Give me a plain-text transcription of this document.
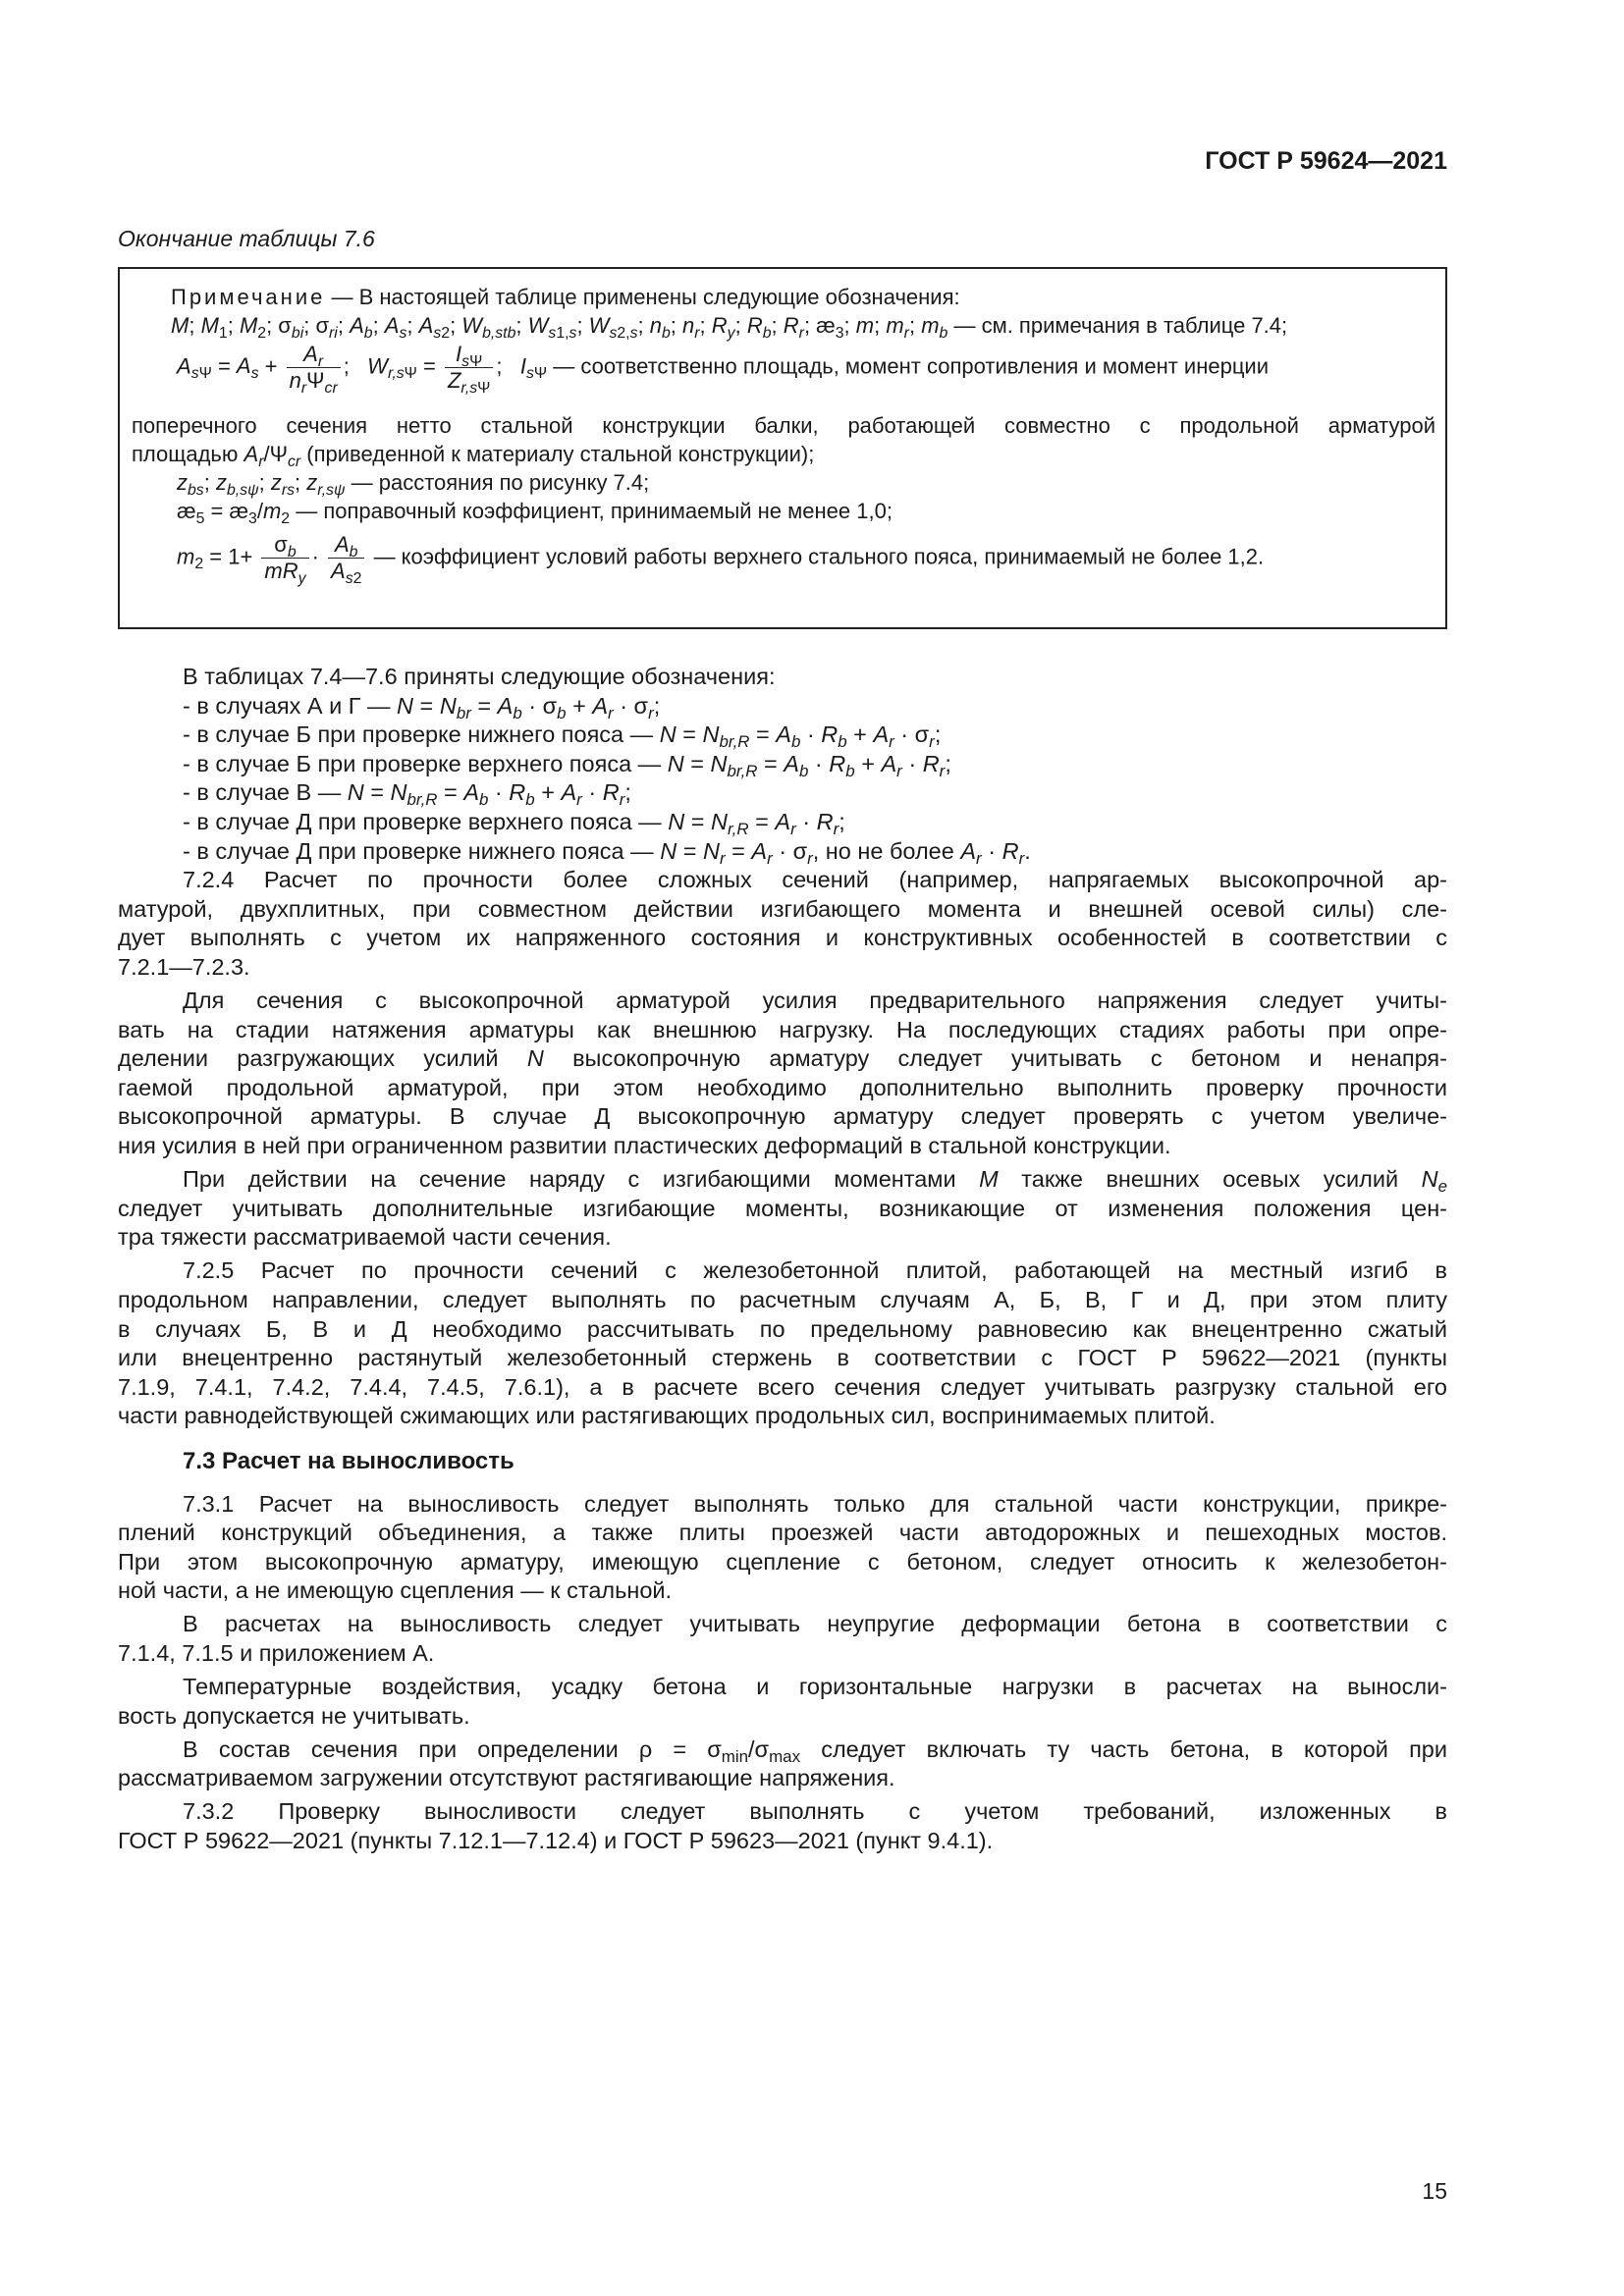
ГОСТ Р 59624—2021
Окончание таблицы 7.6
Примечание — В настоящей таблице применены следующие обозначения:
M; $M_1$; $M_2$; $\sigma_{bi}$; $\sigma_{ri}$; $A_b$; $A_s$; $A_{s2}$; $W_{b,stb}$; $W_{s1,s}$; $W_{s2,s}$; $n_b$; $n_r$; $R_y$; $R_b$; $R_r$; $æ_3$; m; $m_r$; $m_b$ — см. примечания в таблице 7.4;
$A_{s\Psi} = A_s + \frac{A_r}{n_r\Psi_{cr}}$ ;   $W_{r,s\Psi} = \frac{I_{s\Psi}}{Z_{r,s\Psi}}$ ;   $I_{s\Psi}$ — соответственно площадь, момент сопротивления и момент инерции
поперечного сечения нетто стальной конструкции балки, работающей совместно с продольной арматурой
площадью $A_r/\Psi_{cr}$ (приведенной к материалу стальной конструкции);
$z_{bs}$; $z_{b,s\psi}$; $z_{rs}$; $z_{r,s\psi}$ — расстояния по рисунку 7.4;
$æ_5$ = $æ_3/m_2$ — поправочный коэффициент, принимаемый не менее 1,0;
$m_2 = 1+ \frac{\sigma_b}{mR_y} \cdot \frac{A_b}{A_{s2}}$ — коэффициент условий работы верхнего стального пояса, принимаемый не более 1,2.

В таблицах 7.4—7.6 приняты следующие обозначения:

- в случаях А и Г — $N = N_{br} = A_b \cdot \sigma_b + A_r \cdot \sigma_r$;

- в случае Б при проверке нижнего пояса — $N = N_{br,R} = A_b \cdot R_b + A_r \cdot \sigma_r$;

- в случае Б при проверке верхнего пояса — $N = N_{br,R} = A_b \cdot R_b + A_r \cdot R_r$;

- в случае В — $N = N_{br,R} = A_b \cdot R_b + A_r \cdot R_r$;

- в случае Д при проверке верхнего пояса — $N = N_{r,R} = A_r \cdot R_r$;

- в случае Д при проверке нижнего пояса — $N = N_r = A_r \cdot \sigma_r$, но не более $A_r \cdot R_r$.

7.2.4 Расчет по прочности более сложных сечений (например, напрягаемых высокопрочной ар-

матурой, двухплитных, при совместном действии изгибающего момента и внешней осевой силы) сле-

дует выполнять с учетом их напряженного состояния и конструктивных особенностей в соответствии с

7.2.1—7.2.3.

Для сечения с высокопрочной арматурой усилия предварительного напряжения следует учиты-

вать на стадии натяжения арматуры как внешнюю нагрузку. На последующих стадиях работы при опре-

делении разгружающих усилий N высокопрочную арматуру следует учитывать с бетоном и ненапря-

гаемой продольной арматурой, при этом необходимо дополнительно выполнить проверку прочности

высокопрочной арматуры. В случае Д высокопрочную арматуру следует проверять с учетом увеличе-

ния усилия в ней при ограниченном развитии пластических деформаций в стальной конструкции.

При действии на сечение наряду с изгибающими моментами M также внешних осевых усилий $N_e$

следует учитывать дополнительные изгибающие моменты, возникающие от изменения положения цен-

тра тяжести рассматриваемой части сечения.

7.2.5 Расчет по прочности сечений с железобетонной плитой, работающей на местный изгиб в

продольном направлении, следует выполнять по расчетным случаям А, Б, В, Г и Д, при этом плиту

в случаях Б, В и Д необходимо рассчитывать по предельному равновесию как внецентренно сжатый

или внецентренно растянутый железобетонный стержень в соответствии с ГОСТ Р 59622—2021 (пункты

7.1.9, 7.4.1, 7.4.2, 7.4.4, 7.4.5, 7.6.1), а в расчете всего сечения следует учитывать разгрузку стальной его

части равнодействующей сжимающих или растягивающих продольных сил, воспринимаемых плитой.

7.3 Расчет на выносливость

7.3.1 Расчет на выносливость следует выполнять только для стальной части конструкции, прикре-

плений конструкций объединения, а также плиты проезжей части автодорожных и пешеходных мостов.

При этом высокопрочную арматуру, имеющую сцепление с бетоном, следует относить к железобетон-

ной части, а не имеющую сцепления — к стальной.

В расчетах на выносливость следует учитывать неупругие деформации бетона в соответствии с

7.1.4, 7.1.5 и приложением А.

Температурные воздействия, усадку бетона и горизонтальные нагрузки в расчетах на выносли-

вость допускается не учитывать.

В состав сечения при определении $\rho = \sigma_{min}/\sigma_{max}$ следует включать ту часть бетона, в которой при

рассматриваемом загружении отсутствуют растягивающие напряжения.

7.3.2 Проверку выносливости следует выполнять с учетом требований, изложенных в

ГОСТ Р 59622—2021 (пункты 7.12.1—7.12.4) и ГОСТ Р 59623—2021 (пункт 9.4.1).

15
